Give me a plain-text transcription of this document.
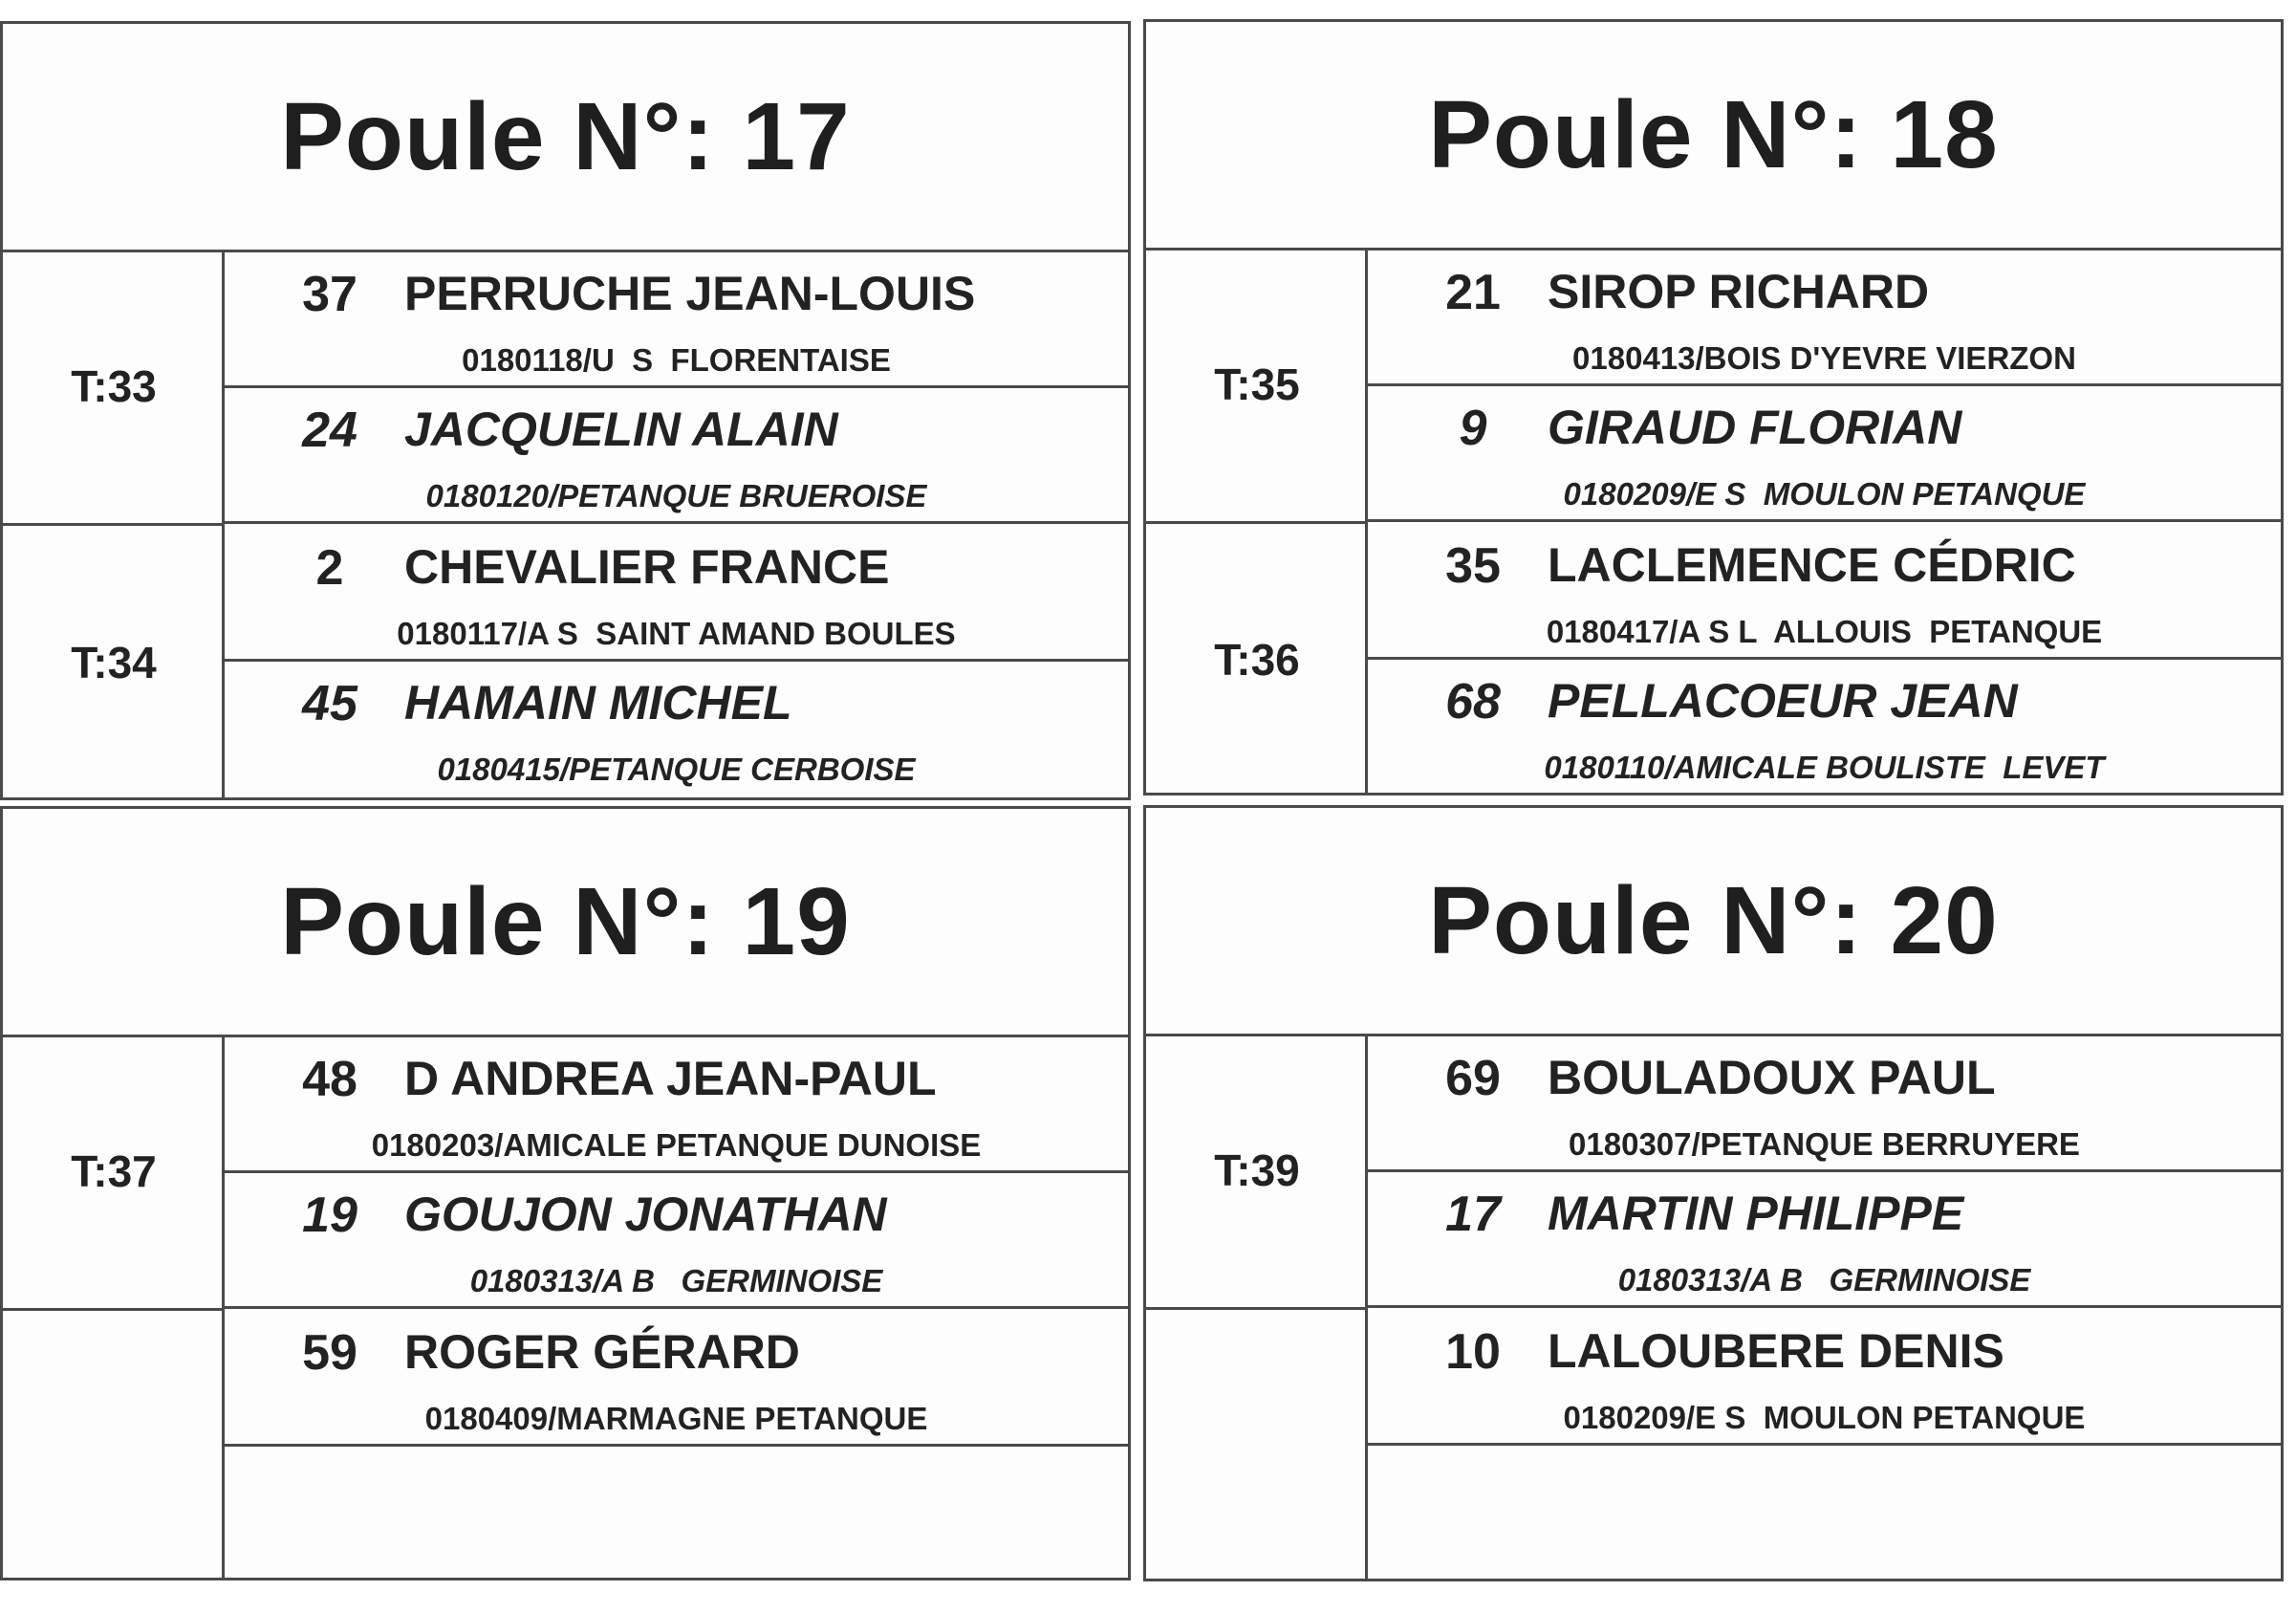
Poule N°: 17
T:33
T:34
37 PERRUCHE JEAN-LOUIS
0180118/U  S  FLORENTAISE
24 JACQUELIN ALAIN
0180120/PETANQUE BRUEROISE
2	CHEVALIER FRANCE
0180117/A S  SAINT AMAND BOULES
45 HAMAIN MICHEL
0180415/PETANQUE CERBOISE
Poule N°: 18
T:35
T:36
21 SIROP RICHARD
0180413/BOIS D'YEVRE VIERZON
9	GIRAUD FLORIAN
0180209/E S  MOULON PETANQUE
35 LACLEMENCE CÉDRIC
0180417/A S L  ALLOUIS  PETANQUE
68 PELLACOEUR JEAN
0180110/AMICALE BOULISTE  LEVET
Poule N°: 19
T:37
48 D ANDREA JEAN-PAUL
0180203/AMICALE PETANQUE DUNOISE
19 GOUJON JONATHAN
0180313/A B   GERMINOISE
59 ROGER GÉRARD
0180409/MARMAGNE PETANQUE
Poule N°: 20
T:39
69 BOULADOUX PAUL
0180307/PETANQUE BERRUYERE
17 MARTIN PHILIPPE
0180313/A B   GERMINOISE
10 LALOUBERE DENIS
0180209/E S  MOULON PETANQUE
